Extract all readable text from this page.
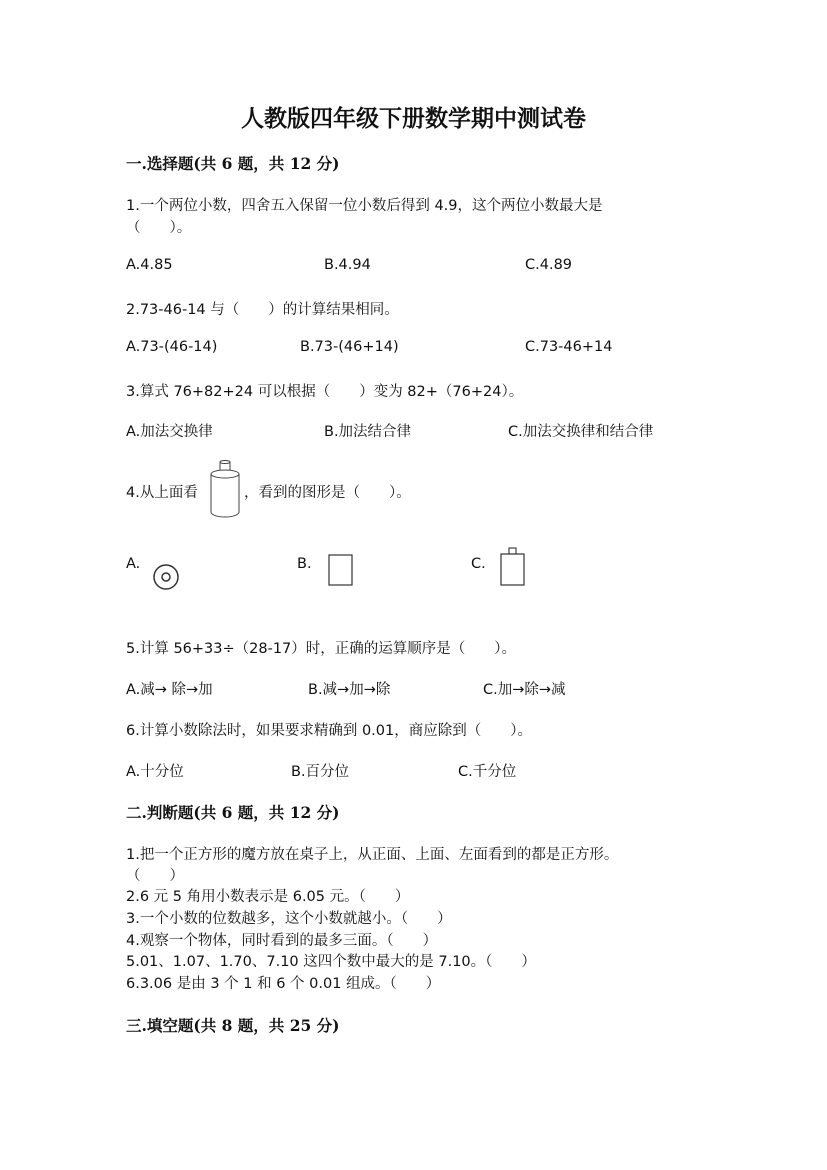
人教版四年级下册数学期中测试卷
一.选择题(共 6 题，共 12 分)
1.一个两位小数，四舍五入保留一位小数后得到 4.9，这个两位小数最大是
（　　）。
A.4.85	B.4.94	C.4.89
2.73-46-14 与（　　）的计算结果相同。
A.73-(46-14)	B.73-(46+14)	C.73-46+14
3.算式 76+82+24 可以根据（　　）变为 82+（76+24）。
A.加法交换律	B.加法结合律	C.加法交换律和结合律
4.从上面看	，看到的图形是（　　）。
A.	B.	C.
5.计算 56+33÷（28-17）时，正确的运算顺序是（　　）。
A.减→ 除→加	B.减→加→除	C.加→除→减
6.计算小数除法时，如果要求精确到 0.01，商应除到（　　）。
A.十分位	B.百分位	C.千分位
二.判断题(共 6 题，共 12 分)
1.把一个正方形的魔方放在桌子上，从正面、上面、左面看到的都是正方形。
（　　）
2.6 元 5 角用小数表示是 6.05 元。（　　）
3.一个小数的位数越多，这个小数就越小。（　　）
4.观察一个物体，同时看到的最多三面。（　　）
5.01、1.07、1.70、7.10 这四个数中最大的是 7.10。（　　）
6.3.06 是由 3 个 1 和 6 个 0.01 组成。（　　）
三.填空题(共 8 题，共 25 分)
